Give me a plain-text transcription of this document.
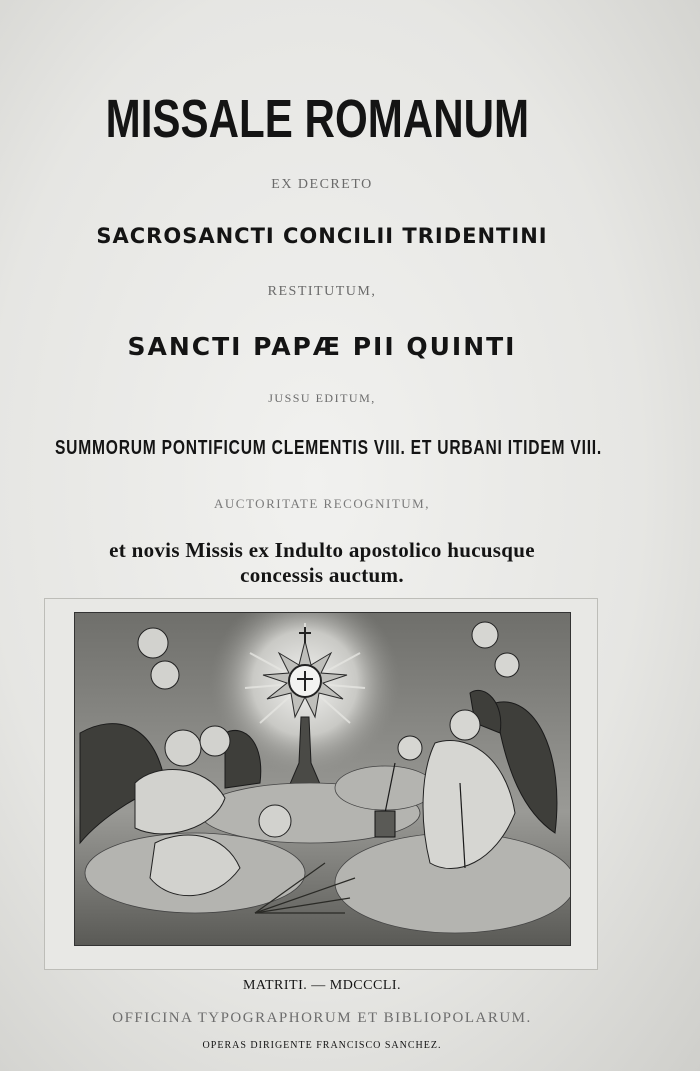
MISSALE ROMANUM
EX DECRETO
SACROSANCTI CONCILII TRIDENTINI
RESTITUTUM,
SANCTI PAPÆ PII QUINTI
JUSSU EDITUM,
SUMMORUM PONTIFICUM CLEMENTIS VIII. ET URBANI ITIDEM VIII.
AUCTORITATE RECOGNITUM,
et novis Missis ex Indulto apostolico hucusque
concessis auctum.
MATRITI. — MDCCCLI.
OFFICINA TYPOGRAPHORUM ET BIBLIOPOLARUM.
OPERAS DIRIGENTE FRANCISCO SANCHEZ.
